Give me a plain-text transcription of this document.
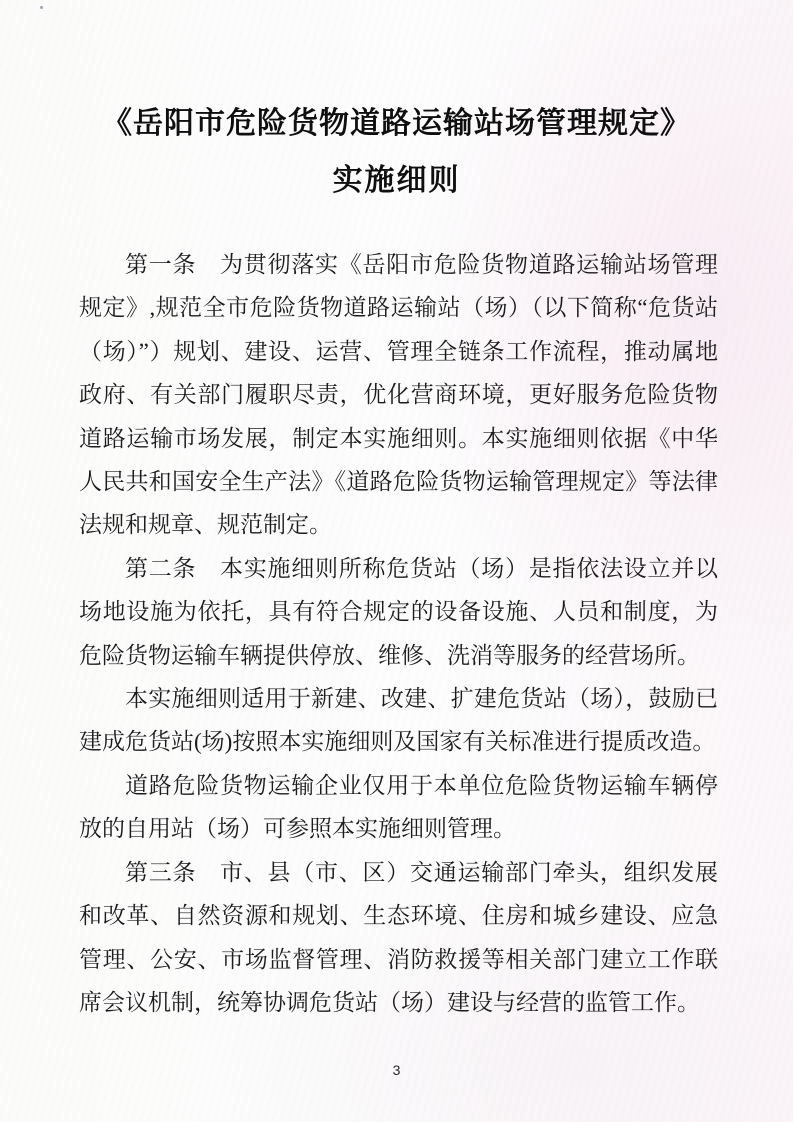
《岳阳市危险货物道路运输站场管理规定》
实施细则

第一条　为贯彻落实《岳阳市危险货物道路运输站场管理规定》,规范全市危险货物道路运输站（场）（以下简称“危货站（场）”）规划、建设、运营、管理全链条工作流程，推动属地政府、有关部门履职尽责，优化营商环境，更好服务危险货物道路运输市场发展，制定本实施细则。本实施细则依据《中华人民共和国安全生产法》《道路危险货物运输管理规定》等法律法规和规章、规范制定。

第二条　本实施细则所称危货站（场）是指依法设立并以场地设施为依托，具有符合规定的设备设施、人员和制度，为危险货物运输车辆提供停放、维修、洗消等服务的经营场所。

本实施细则适用于新建、改建、扩建危货站（场），鼓励已建成危货站(场)按照本实施细则及国家有关标准进行提质改造。

道路危险货物运输企业仅用于本单位危险货物运输车辆停放的自用站（场）可参照本实施细则管理。

第三条　市、县（市、区）交通运输部门牵头，组织发展和改革、自然资源和规划、生态环境、住房和城乡建设、应急管理、公安、市场监督管理、消防救援等相关部门建立工作联席会议机制，统筹协调危货站（场）建设与经营的监管工作。

3
